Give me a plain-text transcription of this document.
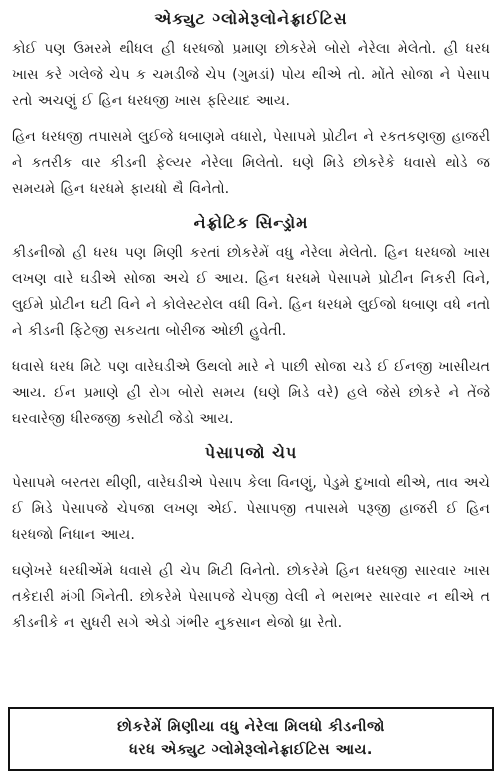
એક્યુટ ગ્લોમેરૂલોનેફ્રાઈટિસ

કોઈ પણ ઉમરમે થીધલ હી ધરધજો પ્રમાણ છોકરેમે બોરો નેરેલા મેલેતો. હી ધરધ ખાસ કરે ગલેજે ચેપ ક ચમડીજે ચેપ (ગુમડાં) પોય થીએ તો. મોંતે સોજા ને પેસાપ રતો અચણું ઈ હિન ધરધજી ખાસ ફરિયાદ આય.

હિન ધરધજી તપાસમે લુઈજે ધબાણમે વધારો, પેસાપમે પ્રોટીન ને રકતકણજી હાજરી ને કતરીક વાર કીડની ફેલ્યર નેરેલા મિલેતો. ઘણે મિડે છોકરેકે ધવાસે થોડે જ સમયમે હિન ધરધમે ફાયધો થૈ વિનેતો.

નેફ્રોટિક સિન્ડ્રોમ

કીડનીજો હી ધરધ પણ મિણી કરતાં છોકરેમેં વધુ નેરેલા મેલેતો. હિન ધરધજો ખાસ લખણ વારે ઘડીએ સોજા અચે ઈ આય. હિન ધરધમે પેસાપમે પ્રોટીન નિકરી વિને, લુઈમે પ્રોટીન ઘટી વિને ને કોલેસ્ટરોલ વધી વિને. હિન ધરધમે લુઈજો ધબાણ વધે નતો ને કીડની ફિટેજી સકયતા બોરીજ ઓછી હુવેતી.

ધવાસે ધરધ મિટે પણ વારેઘડીએ ઉથલો મારે ને પાછી સોજા ચડે ઈ ઈનજી ખાસીયત આય. ઈન પ્રમાણે હી રોગ બોરો સમય (ઘણે મિડે વરે) હલે જેસે છોકરે ને તેંજે ઘરવારેજી ધીરજજી કસોટી જેડો આય.

પેસાપજો ચેપ

પેસાપમે બરતરા થીણી, વારેઘડીએ પેસાપ કેલા વિનણું, પેડુમે દુખાવો થીએ, તાવ અચે ઈ મિડે પેસાપજે ચેપજા લખણ એઈ. પેસાપજી તપાસમે પરૂજી હાજરી ઈ હિન ધરધજો નિધાન આય.

ઘણેખરે ધરધીએંમે ધવાસે હી ચેપ મિટી વિનેતો. છોકરેમે હિન ધરધજી સારવાર ખાસ તકેદારી મંગી ગિનેતી. છોકરેમે પેસાપજે ચેપજી વેલી ને ભરાભર સારવાર ન થીએ ત કીડનીકે ન સુધરી સગે એડો ગંભીર નુકસાન થેજો ધ્રા રેતો.

છોકરેમેં મિણીયા વધુ નેરેલા મિલધો કીડનીજો
ધરધ એક્યુટ ગ્લોમેરૂલોનેફ્રાઈટિસ આય.
